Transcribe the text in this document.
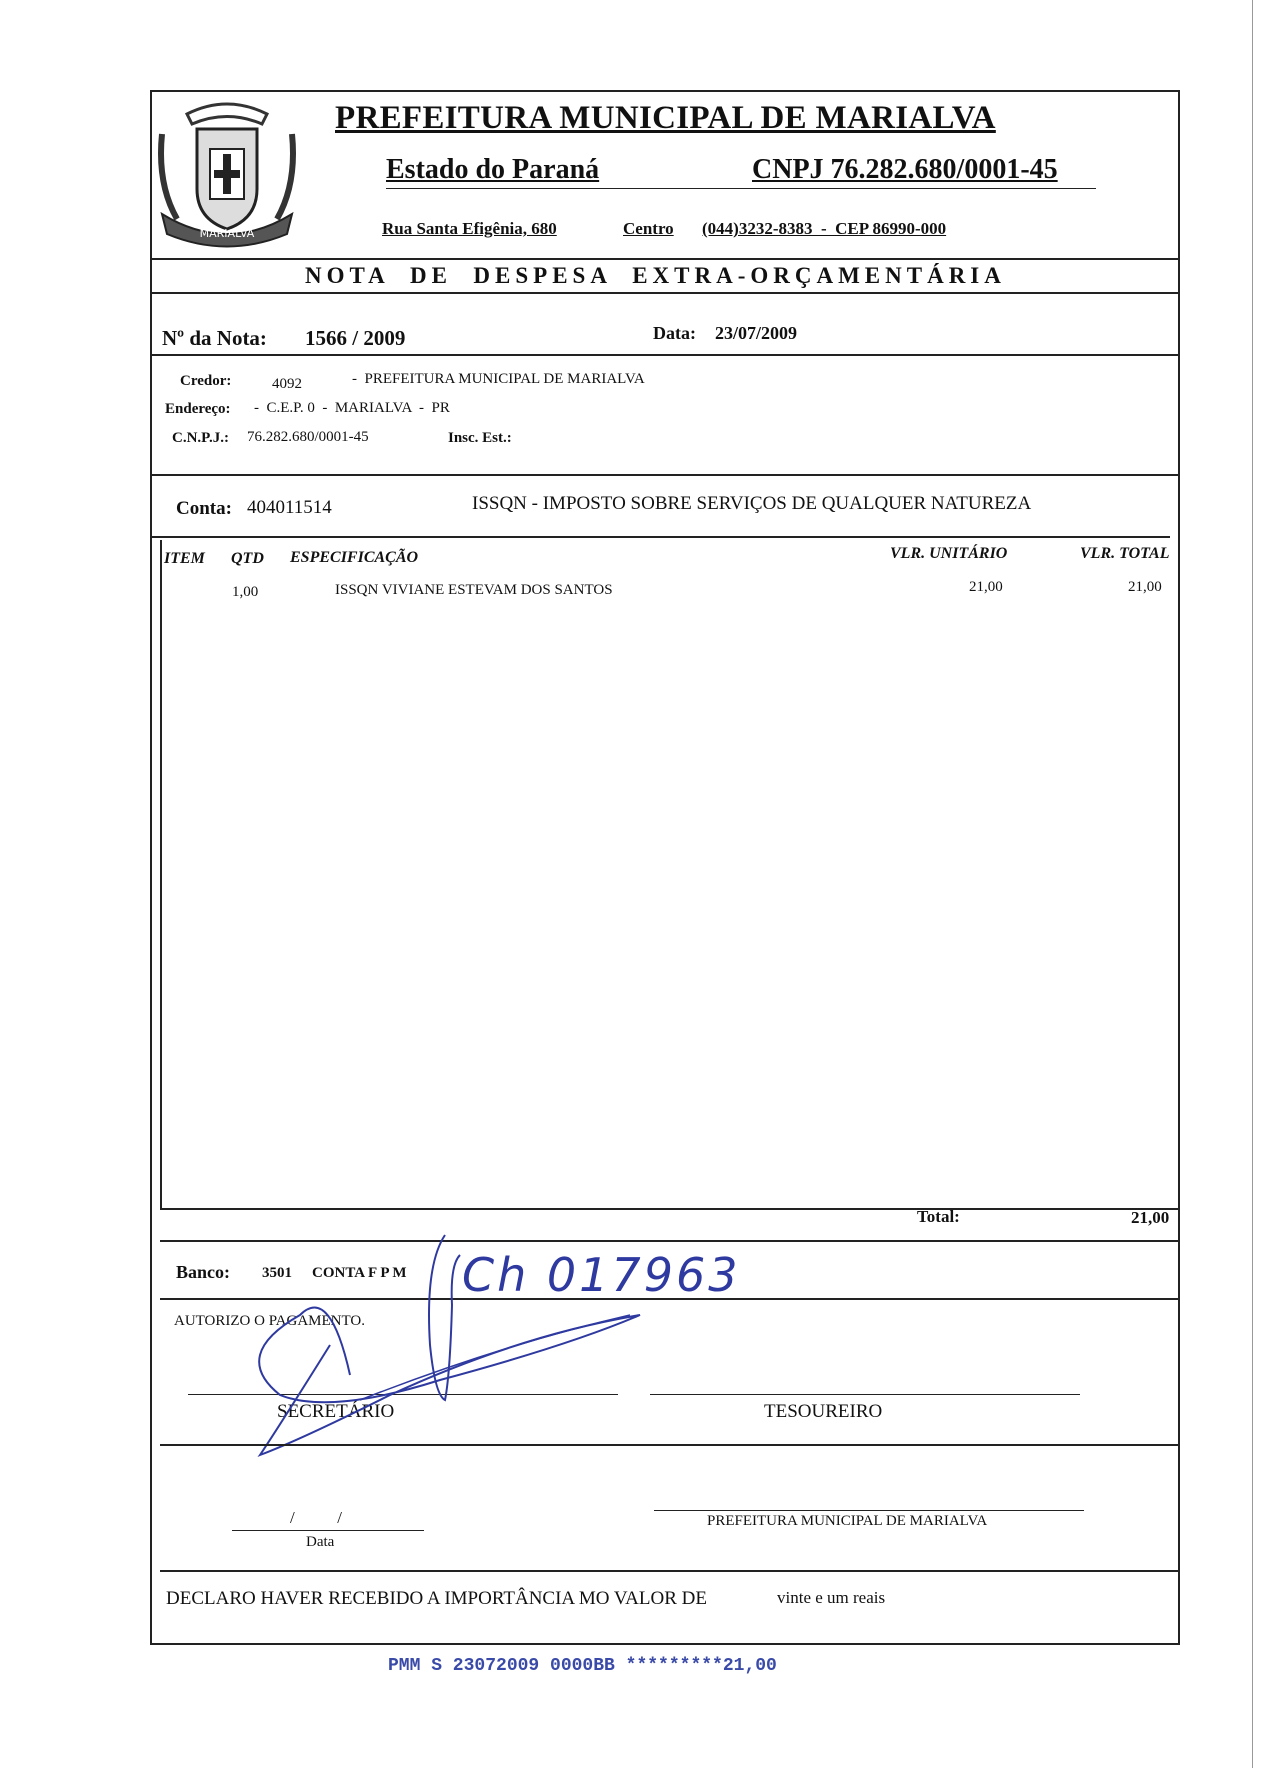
MARIALVA
PREFEITURA MUNICIPAL DE MARIALVA
Estado do Paraná	CNPJ 76.282.680/0001-45
Rua Santa Efigênia, 680	Centro (044)3232-8383  -  CEP 86990-000
NOTA  DE  DESPESA  EXTRA-ORÇAMENTÁRIA
Nº da Nota: 1566 / 2009	Data: 23/07/2009
Credor:	4092	-  PREFEITURA MUNICIPAL DE MARIALVA
Endereço: -  C.E.P. 0  -  MARIALVA  -  PR
C.N.P.J.: 76.282.680/0001-45	Insc. Est.:
Conta: 404011514	ISSQN - IMPOSTO SOBRE SERVIÇOS DE QUALQUER NATUREZA
ITEM QTD ESPECIFICAÇÃO	VLR. UNITÁRIO	VLR. TOTAL
1,00	ISSQN VIVIANE ESTEVAM DOS SANTOS	21,00	21,00
Total:	21,00
Banco: 3501 CONTA F P M Ch 017963
AUTORIZO O PAGAMENTO.
SECRETÁRIO	TESOUREIRO
/          /
Data
PREFEITURA MUNICIPAL DE MARIALVA
DECLARO HAVER RECEBIDO A IMPORTÂNCIA MO VALOR DE	vinte e um reais
PMM S 23072009 0000BB *********21,00
